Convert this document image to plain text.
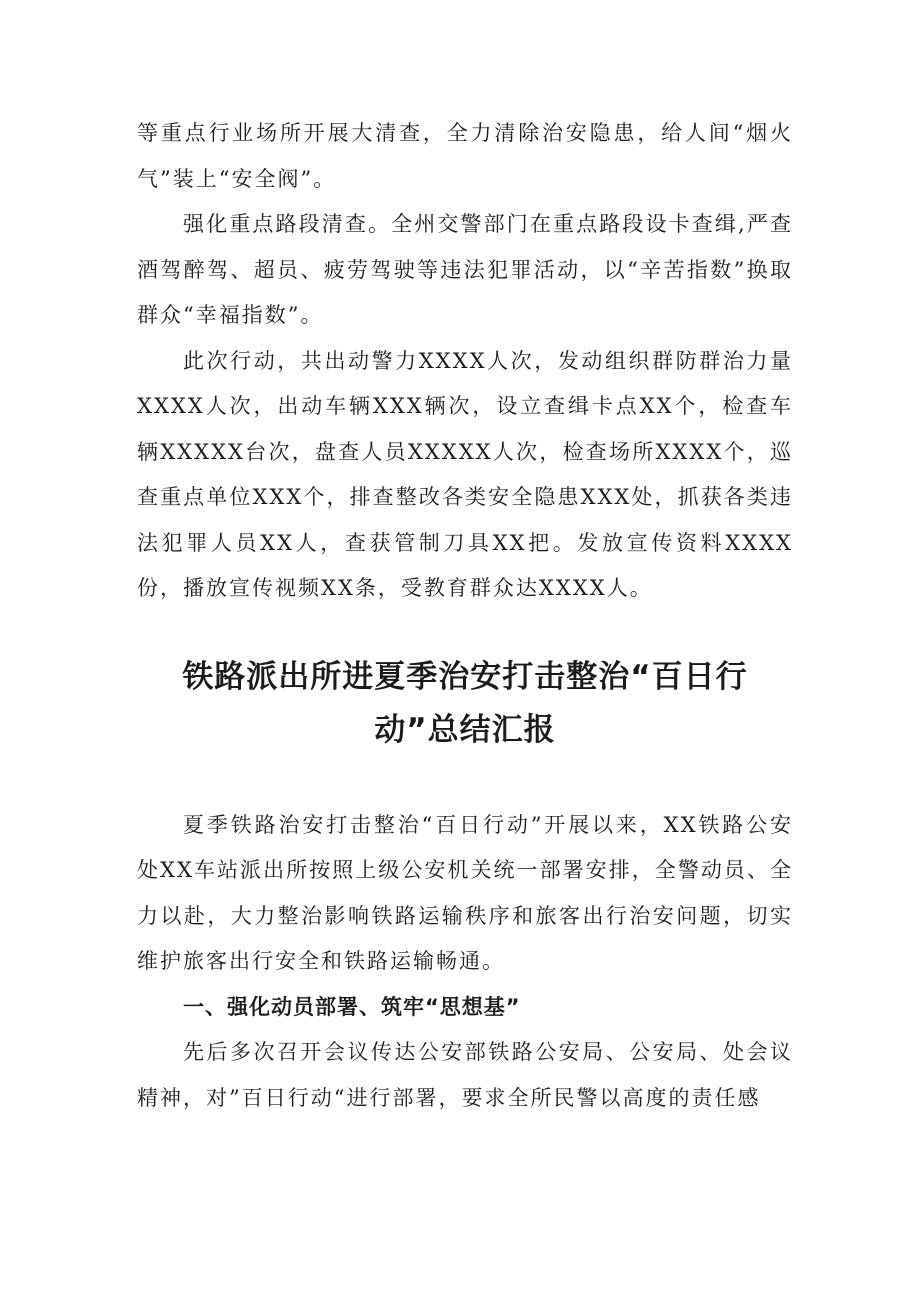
等重点行业场所开展大清查，全力清除治安隐患，给人间“烟火气”装上“安全阀”。

强化重点路段清查。全州交警部门在重点路段设卡查缉,严查酒驾醉驾、超员、疲劳驾驶等违法犯罪活动，以“辛苦指数”换取群众“幸福指数”。

此次行动，共出动警力XXXX人次，发动组织群防群治力量XXXX人次，出动车辆XXX辆次，设立查缉卡点XX个，检查车辆XXXXX台次，盘查人员XXXXX人次，检查场所XXXX个，巡查重点单位XXX个，排查整改各类安全隐患XXX处，抓获各类违法犯罪人员XX人，查获管制刀具XX把。发放宣传资料XXXX份，播放宣传视频XX条，受教育群众达XXXX人。

铁路派出所进夏季治安打击整治“百日行动”总结汇报

夏季铁路治安打击整治“百日行动”开展以来，XX铁路公安处XX车站派出所按照上级公安机关统一部署安排，全警动员、全力以赴，大力整治影响铁路运输秩序和旅客出行治安问题，切实维护旅客出行安全和铁路运输畅通。

一、强化动员部署、筑牢“思想基”

先后多次召开会议传达公安部铁路公安局、公安局、处会议精神，对”百日行动“进行部署，要求全所民警以高度的责任感
